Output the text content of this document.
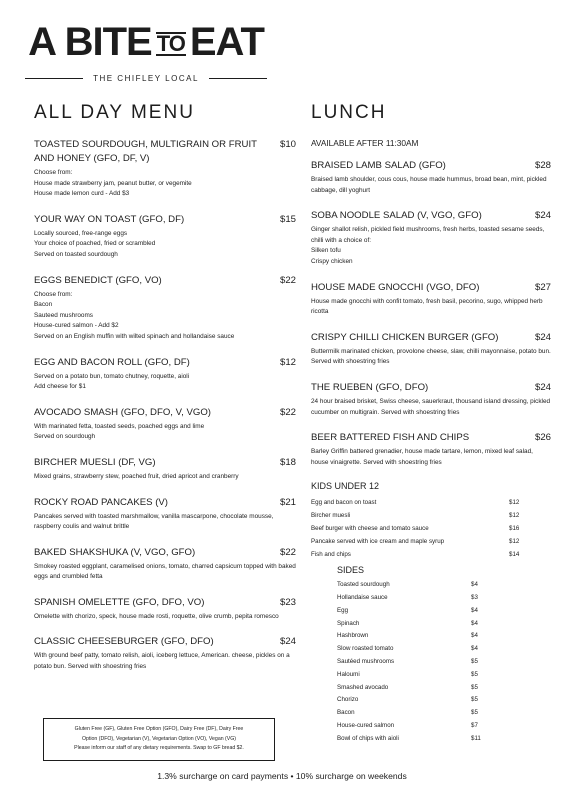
A BITE TO EAT
THE CHIFLEY LOCAL
ALL DAY MENU
TOASTED SOURDOUGH, MULTIGRAIN OR FRUIT AND HONEY (GFO, DF, V)
$10
Choose from:
House made strawberry jam, peanut butter, or vegemite
House made lemon curd - Add $3
YOUR WAY ON TOAST (GFO, DF)	$15
Locally sourced, free-range eggs
Your choice of poached, fried or scrambled
Served on toasted sourdough
EGGS BENEDICT (GFO, VO)	$22
Choose from:
Bacon
Sauteed mushrooms
House-cured salmon - Add $2
Served on an English muffin with wilted spinach and hollandaise sauce
EGG AND BACON ROLL (GFO, DF)	$12
Served on a potato bun, tomato chutney, roquette, aioli
Add cheese for $1
AVOCADO SMASH (GFO, DFO, V, VGO)	$22
With marinated fetta, toasted seeds, poached eggs and lime
Served on sourdough
BIRCHER MUESLI (DF, VG)	$18
Mixed grains, strawberry stew, poached fruit, dried apricot and cranberry
ROCKY ROAD PANCAKES (V)	$21
Pancakes served with toasted marshmallow, vanilla mascarpone, chocolate mousse, raspberry coulis and walnut brittle
BAKED SHAKSHUKA (V, VGO, GFO)	$22
Smokey roasted eggplant, caramelised onions, tomato, charred capsicum topped with baked eggs and crumbled fetta
SPANISH OMELETTE (GFO, DFO, VO)	$23
Omelette with chorizo, speck, house made rosti, roquette, olive crumb, pepita romesco
CLASSIC CHEESEBURGER (GFO, DFO)	$24
With ground beef patty, tomato relish, aioli, iceberg lettuce, American. cheese, pickles on a potato bun. Served with shoestring fries
Gluten Free (GF), Gluten Free Option (GFO), Dairy Free (DF), Dairy Free
Option (DFO), Vegetarian (V), Vegetarian Option (VO), Vegan (VG)
Please inform our staff of any dietary requirements. Swap to GF bread $2.
LUNCH
AVAILABLE AFTER 11:30AM
BRAISED LAMB SALAD (GFO)	$28
Braised lamb shoulder, cous cous, house made hummus, broad bean, mint, pickled cabbage, dill yoghurt
SOBA NOODLE SALAD (V, VGO, GFO)	$24
Ginger shallot relish, pickled field mushrooms, fresh herbs, toasted sesame seeds, chilli with a choice of:
Silken tofu
Crispy chicken
HOUSE MADE GNOCCHI (VGO, DFO)	$27
House made gnocchi with confit tomato, fresh basil, pecorino, sugo, whipped herb ricotta
CRISPY CHILLI CHICKEN BURGER (GFO)	$24
Buttermilk marinated chicken, provolone cheese, slaw, chilli mayonnaise, potato bun. Served with shoestring fries
THE RUEBEN (GFO, DFO)	$24
24 hour braised brisket, Swiss cheese, sauerkraut, thousand island dressing, pickled cucumber on multigrain. Served with shoestring fries
BEER BATTERED FISH AND CHIPS	$26
Barley Griffin battered grenadier, house made tartare, lemon, mixed leaf salad, house vinaigrette. Served with shoestring fries
KIDS UNDER 12
Egg and bacon on toast	$12
Bircher muesli	$12
Beef burger with cheese and tomato sauce	$16
Pancake served with ice cream and maple syrup	$12
Fish and chips	$14
SIDES
Toasted sourdough	$4
Hollandaise sauce	$3
Egg	$4
Spinach	$4
Hashbrown	$4
Slow roasted tomato	$4
Sautéed mushrooms	$5
Haloumi	$5
Smashed avocado	$5
Chorizo	$5
Bacon	$5
House-cured salmon	$7
Bowl of chips with aioli	$11
1.3% surcharge on card payments • 10% surcharge on weekends
